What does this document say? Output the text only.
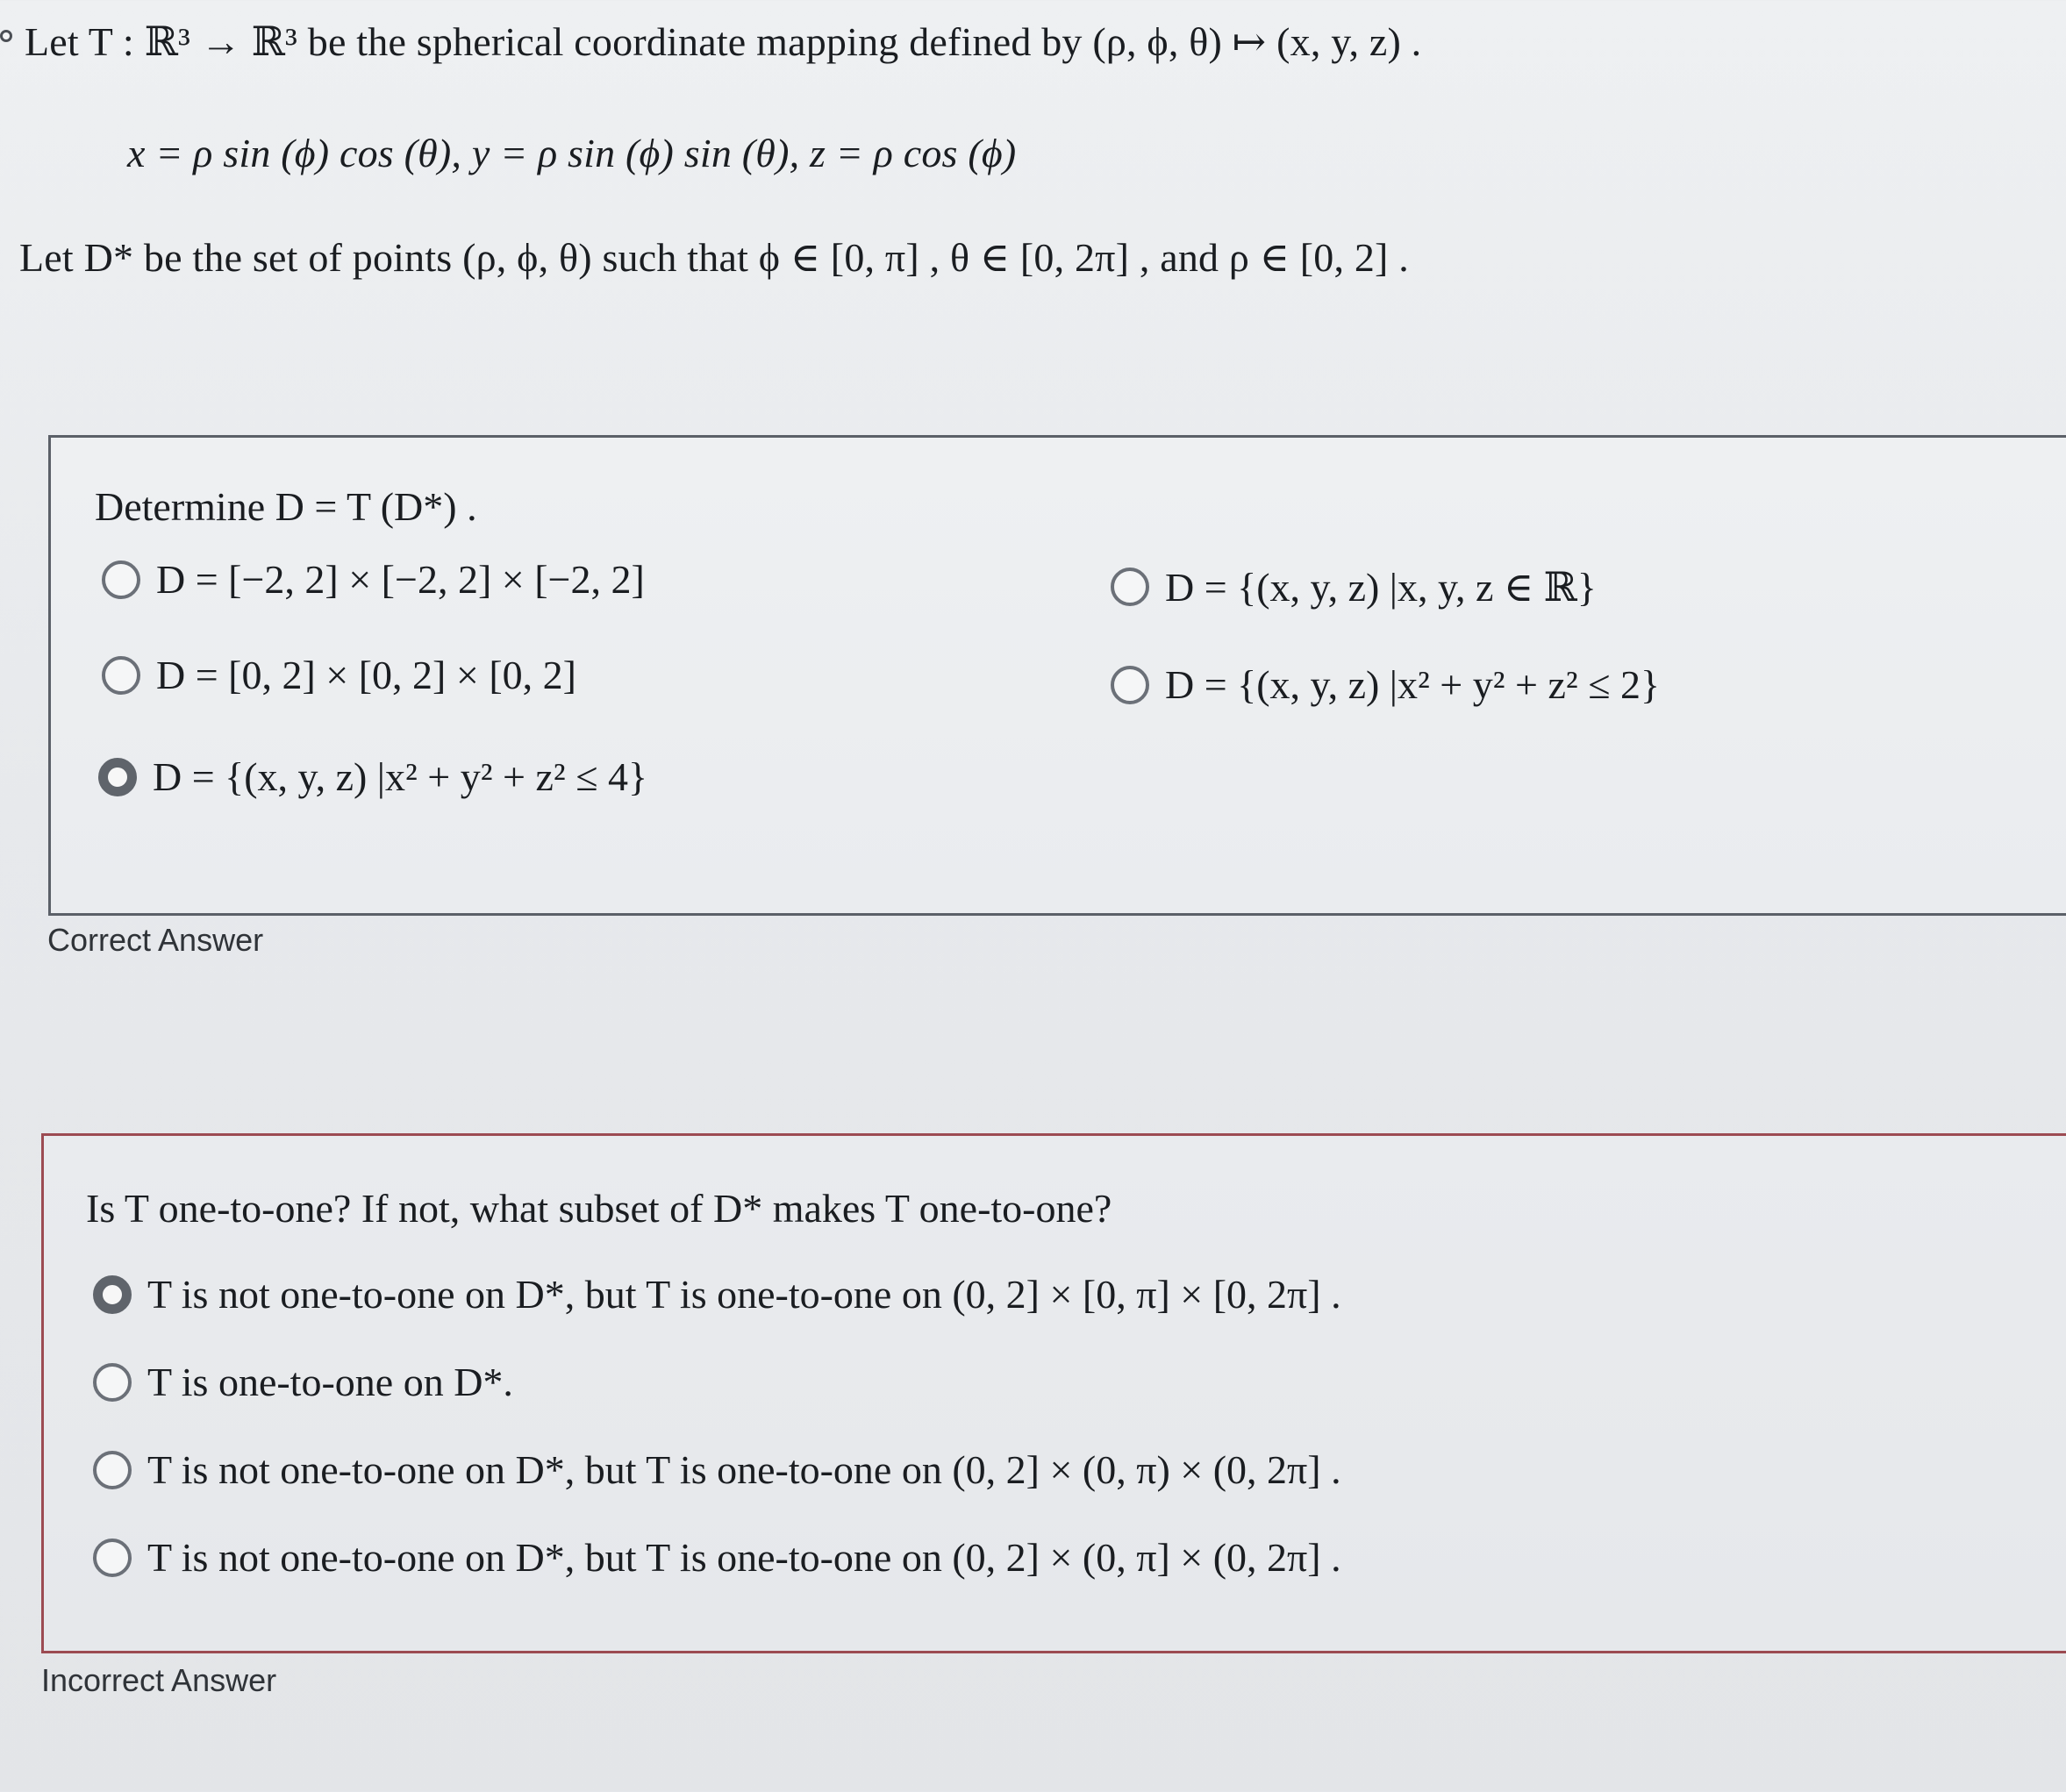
Let T : ℝ³ → ℝ³ be the spherical coordinate mapping defined by (ρ, ϕ, θ) ↦ (x, y, z) .
x = ρ sin (ϕ) cos (θ), y = ρ sin (ϕ) sin (θ), z = ρ cos (ϕ)
Let D* be the set of points (ρ, ϕ, θ) such that ϕ ∈ [0, π] , θ ∈ [0, 2π] , and ρ ∈ [0, 2] .
Determine D = T (D*) .
D = [−2, 2] × [−2, 2] × [−2, 2]	D = {(x, y, z) |x, y, z ∈ ℝ}
D = [0, 2] × [0, 2] × [0, 2]	D = {(x, y, z) |x² + y² + z² ≤ 2}
D = {(x, y, z) |x² + y² + z² ≤ 4}
Correct Answer
Is T one-to-one? If not, what subset of D* makes T one-to-one?
T is not one-to-one on D*, but T is one-to-one on (0, 2] × [0, π] × [0, 2π] .
T is one-to-one on D*.
T is not one-to-one on D*, but T is one-to-one on (0, 2] × (0, π) × (0, 2π] .
T is not one-to-one on D*, but T is one-to-one on (0, 2] × (0, π] × (0, 2π] .
Incorrect Answer
